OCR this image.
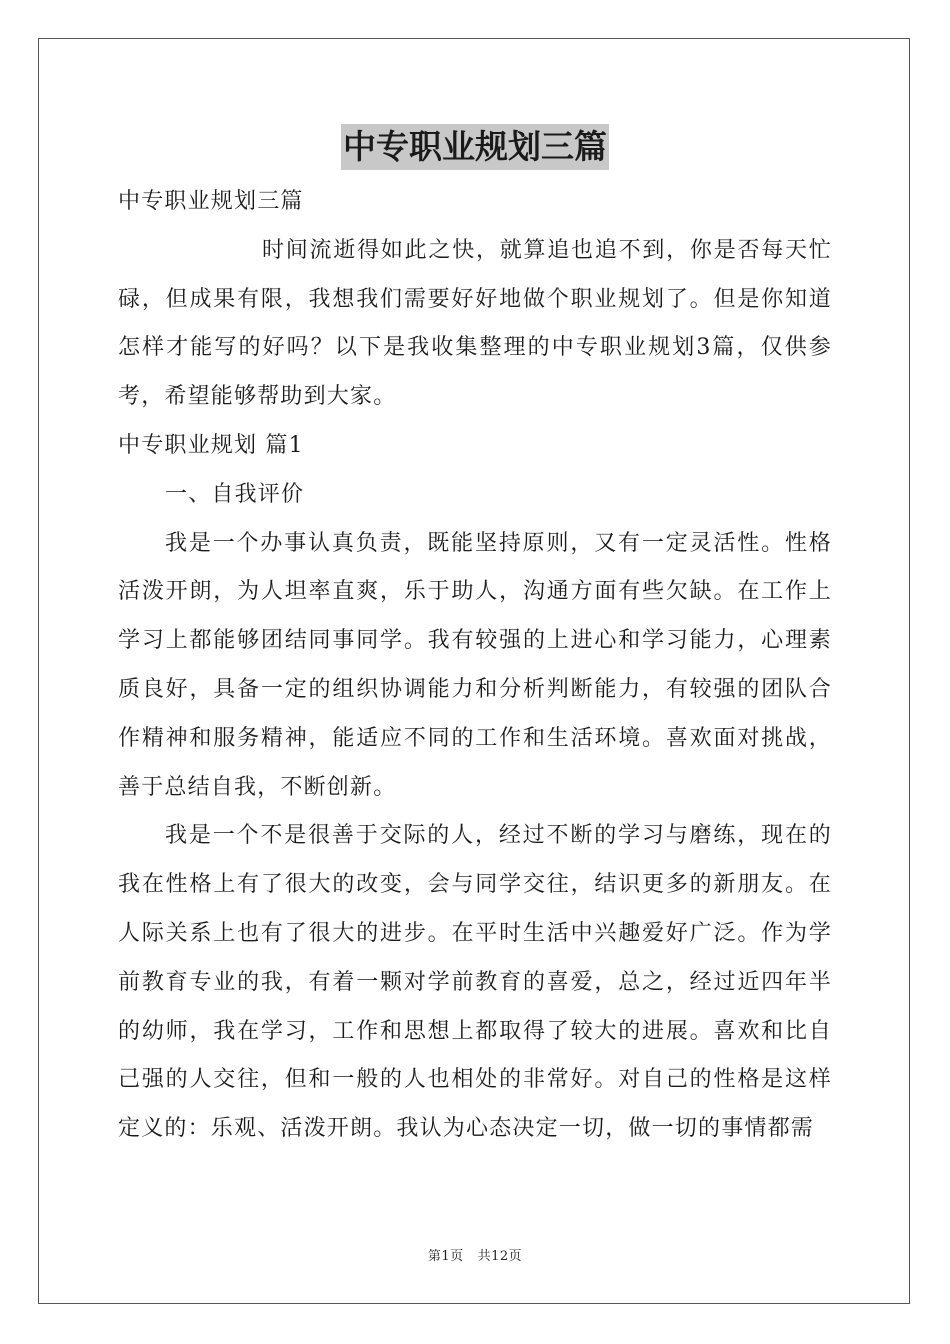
中专职业规划三篇

中专职业规划三篇

时间流逝得如此之快，就算追也追不到，你是否每天忙碌，但成果有限，我想我们需要好好地做个职业规划了。但是你知道怎样才能写的好吗？以下是我收集整理的中专职业规划3篇，仅供参考，希望能够帮助到大家。

中专职业规划 篇1

一、自我评价

我是一个办事认真负责，既能坚持原则，又有一定灵活性。性格活泼开朗，为人坦率直爽，乐于助人，沟通方面有些欠缺。在工作上学习上都能够团结同事同学。我有较强的上进心和学习能力，心理素质良好，具备一定的组织协调能力和分析判断能力，有较强的团队合作精神和服务精神，能适应不同的工作和生活环境。喜欢面对挑战，善于总结自我，不断创新。

我是一个不是很善于交际的人，经过不断的学习与磨练，现在的我在性格上有了很大的改变，会与同学交往，结识更多的新朋友。在人际关系上也有了很大的进步。在平时生活中兴趣爱好广泛。作为学前教育专业的我，有着一颗对学前教育的喜爱，总之，经过近四年半的幼师，我在学习，工作和思想上都取得了较大的进展。喜欢和比自己强的人交往，但和一般的人也相处的非常好。对自己的性格是这样定义的：乐观、活泼开朗。我认为心态决定一切，做一切的事情都需

第1页 共12页
